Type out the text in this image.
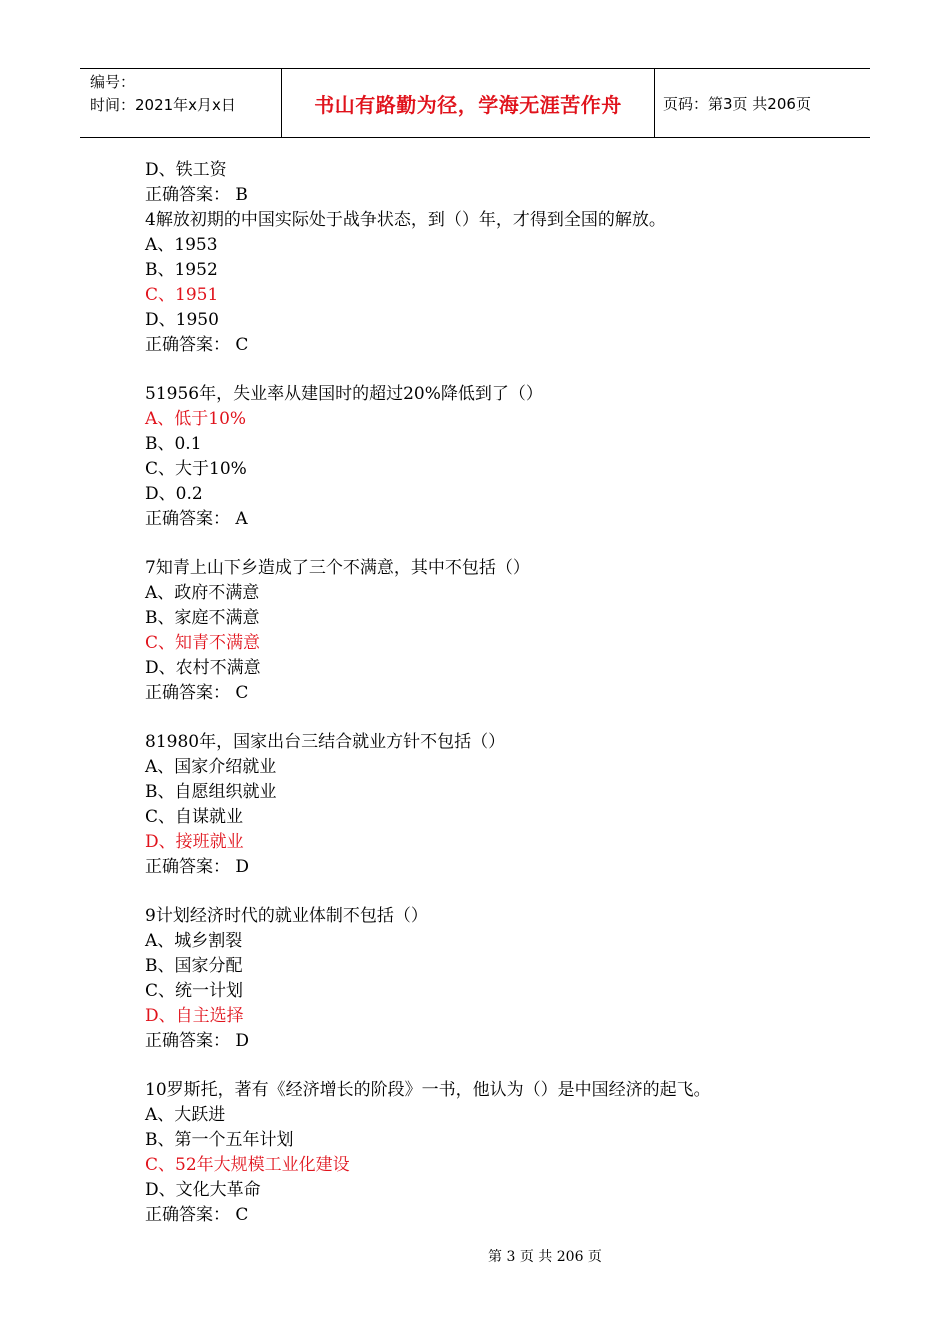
编号：
时间：2021年x月x日	书山有路勤为径，学海无涯苦作舟	页码：第3页 共206页
D、铁工资
正确答案： B
4解放初期的中国实际处于战争状态，到（）年，才得到全国的解放。
A、1953
B、1952
C、1951
D、1950
正确答案： C
51956年，失业率从建国时的超过20%降低到了（）
A、低于10%
B、0.1
C、大于10%
D、0.2
正确答案： A
7知青上山下乡造成了三个不满意，其中不包括（）
A、政府不满意
B、家庭不满意
C、知青不满意
D、农村不满意
正确答案： C
81980年，国家出台三结合就业方针不包括（）
A、国家介绍就业
B、自愿组织就业
C、自谋就业
D、接班就业
正确答案： D
9计划经济时代的就业体制不包括（）
A、城乡割裂
B、国家分配
C、统一计划
D、自主选择
正确答案： D
10罗斯托，著有《经济增长的阶段》一书，他认为（）是中国经济的起飞。
A、大跃进
B、第一个五年计划
C、52年大规模工业化建设
D、文化大革命
正确答案： C
第 3 页 共 206 页
